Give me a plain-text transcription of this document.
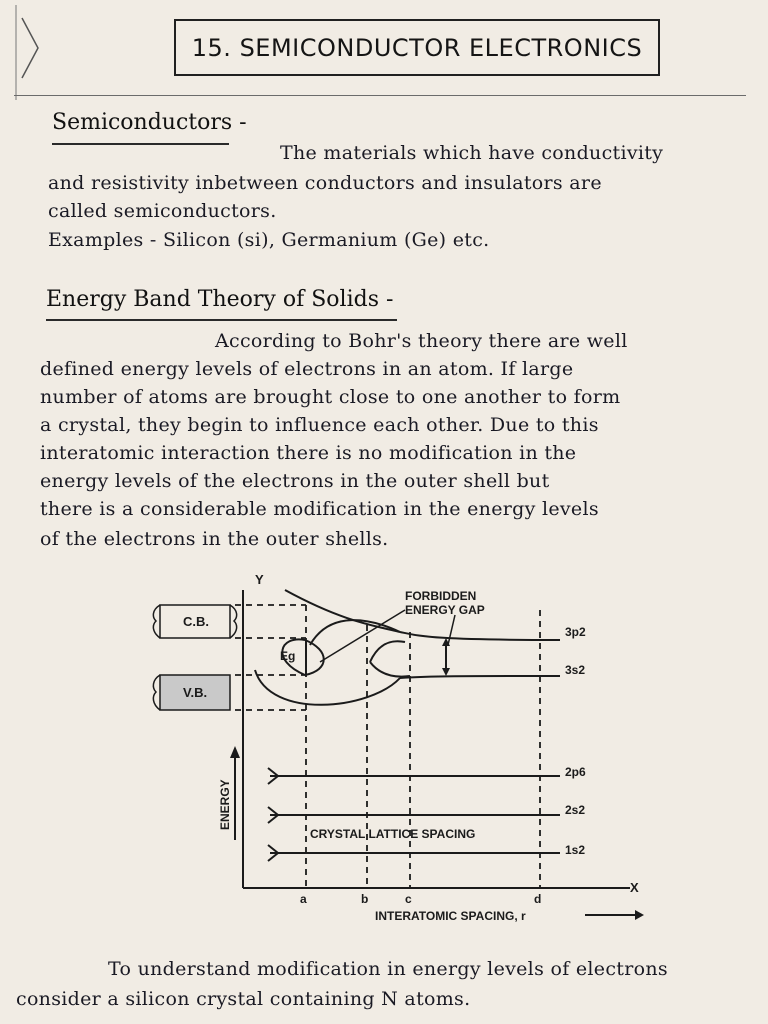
15. SEMICONDUCTOR ELECTRONICS
Semiconductors -
The materials which have conductivity
and resistivity inbetween conductors and insulators are
called semiconductors.
Examples - Silicon (si), Germanium (Ge) etc.
Energy Band Theory of Solids -
According to Bohr's theory there are well
defined energy levels of electrons in an atom. If large
number of atoms are brought close to one another to form
a crystal, they begin to influence each other. Due to this
interatomic interaction there is no modification in the
energy levels of the electrons in the outer shell but
there is a considerable modification in the energy levels
of the electrons in the outer shells.
C.B.
V.B.
Y
X
FORBIDDEN
ENERGY GAP
Eg
3p2
3s2
2p6
2s2
1s2
CRYSTAL LATTICE SPACING
a	b	c	d
INTERATOMIC SPACING, r
ENERGY
To understand modification in energy levels of electrons
consider a silicon crystal containing N atoms.
